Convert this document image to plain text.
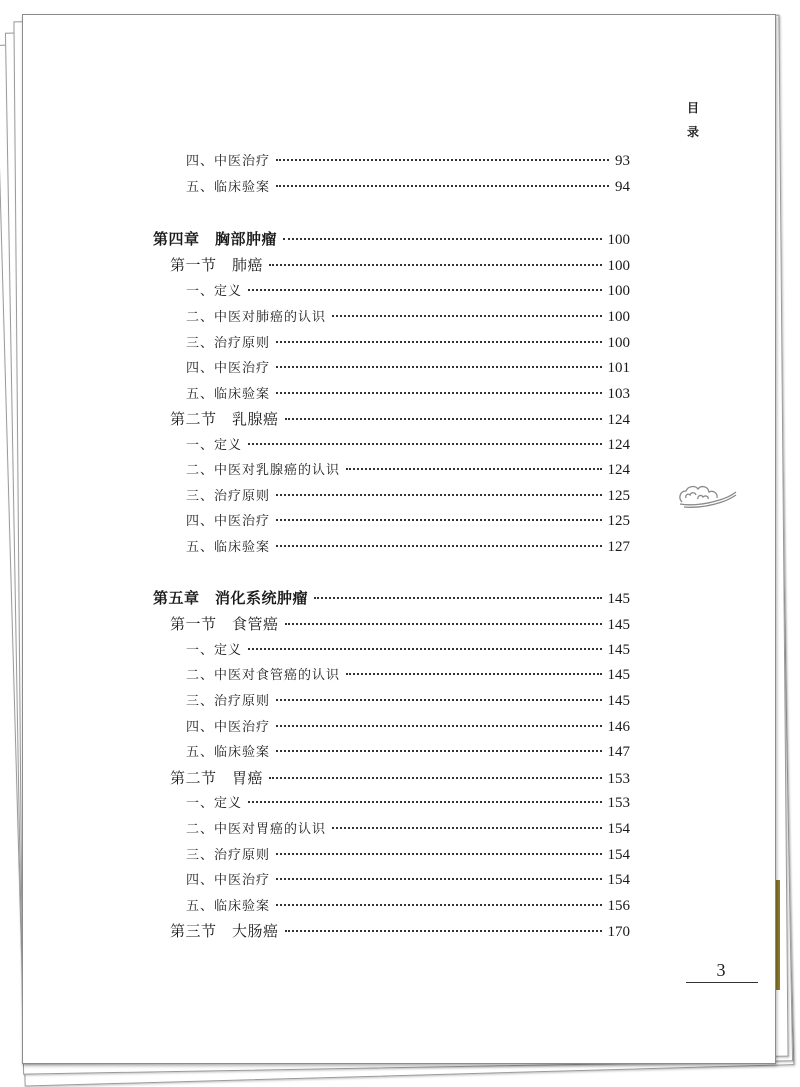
目
录
四、中医治疗	93
五、临床验案	94
第四章　胸部肿瘤	100
第一节　肺癌	100
一、定义	100
二、中医对肺癌的认识	100
三、治疗原则	100
四、中医治疗	101
五、临床验案	103
第二节　乳腺癌	124
一、定义	124
二、中医对乳腺癌的认识	124
三、治疗原则	125
四、中医治疗	125
五、临床验案	127
第五章　消化系统肿瘤	145
第一节　食管癌	145
一、定义	145
二、中医对食管癌的认识	145
三、治疗原则	145
四、中医治疗	146
五、临床验案	147
第二节　胃癌	153
一、定义	153
二、中医对胃癌的认识	154
三、治疗原则	154
四、中医治疗	154
五、临床验案	156
第三节　大肠癌	170
3
